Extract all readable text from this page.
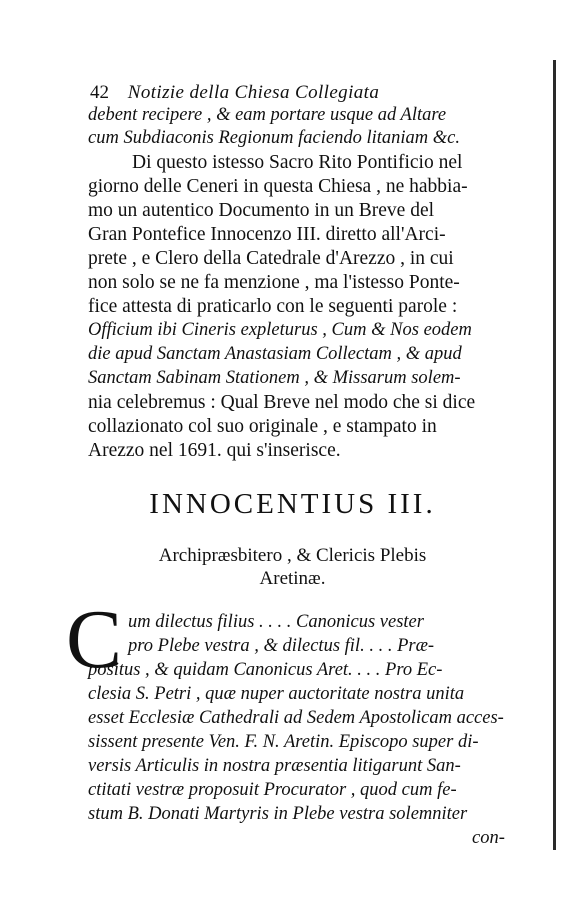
42 Notizie della Chiesa Collegiata
debent recipere , & eam portare usque ad Altare
cum Subdiaconis Regionum faciendo litaniam &c.
Di questo istesso Sacro Rito Pontificio nel
giorno delle Ceneri in questa Chiesa , ne habbia-
mo un autentico Documento in un Breve del
Gran Pontefice Innocenzo III. diretto all'Arci-
prete , e Clero della Catedrale d'Arezzo , in cui
non solo se ne fa menzione , ma l'istesso Ponte-
fice attesta di praticarlo con le seguenti parole :
Officium ibi Cineris expleturus , Cum & Nos eodem
die apud Sanctam Anastasiam Collectam , & apud
Sanctam Sabinam Stationem , & Missarum solem-
nia celebremus : Qual Breve nel modo che si dice
collazionato col suo originale , e stampato in
Arezzo nel 1691. qui s'inserisce.
INNOCENTIUS III.
Archipræsbitero , & Clericis Plebis
Aretinæ.
C um dilectus filius . . . . Canonicus vester
pro Plebe vestra , & dilectus fil. . . . Præ-
positus , & quidam Canonicus Aret. . . . Pro Ec-
clesia S. Petri , quæ nuper auctoritate nostra unita
esset Ecclesiæ Cathedrali ad Sedem Apostolicam acces-
sissent presente Ven. F. N. Aretin. Episcopo super di-
versis Articulis in nostra præsentia litigarunt San-
ctitati vestræ proposuit Procurator , quod cum fe-
stum B. Donati Martyris in Plebe vestra solemniter
con-
